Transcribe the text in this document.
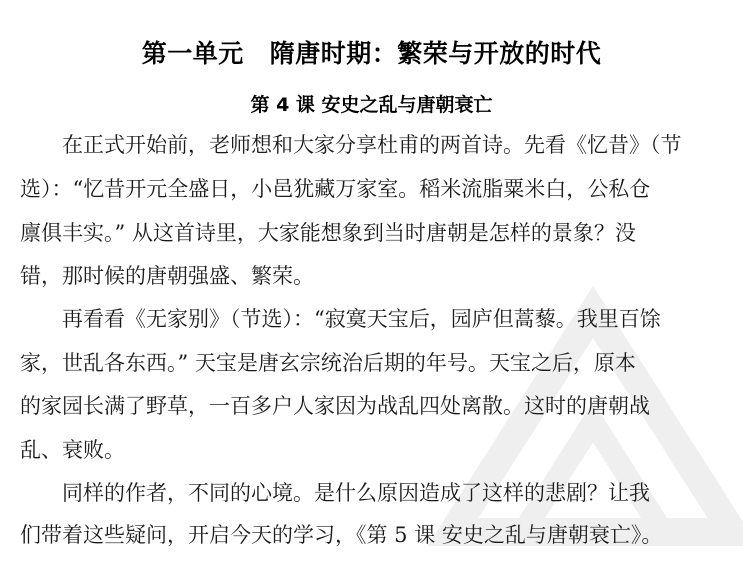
第一单元 隋唐时期：繁荣与开放的时代
第 4 课 安史之乱与唐朝衰亡
在正式开始前，老师想和大家分享杜甫的两首诗。先看《忆昔》（节
选）：“忆昔开元全盛日，小邑犹藏万家室。稻米流脂粟米白，公私仓
廪俱丰实。” 从这首诗里，大家能想象到当时唐朝是怎样的景象？没
错，那时候的唐朝强盛、繁荣。
再看看《无家别》（节选）：“寂寞天宝后，园庐但蒿藜。我里百馀
家，世乱各东西。” 天宝是唐玄宗统治后期的年号。天宝之后，原本
的家园长满了野草，一百多户人家因为战乱四处离散。这时的唐朝战
乱、衰败。
同样的作者，不同的心境。是什么原因造成了这样的悲剧？让我
们带着这些疑问，开启今天的学习，《第 5 课 安史之乱与唐朝衰亡》。
